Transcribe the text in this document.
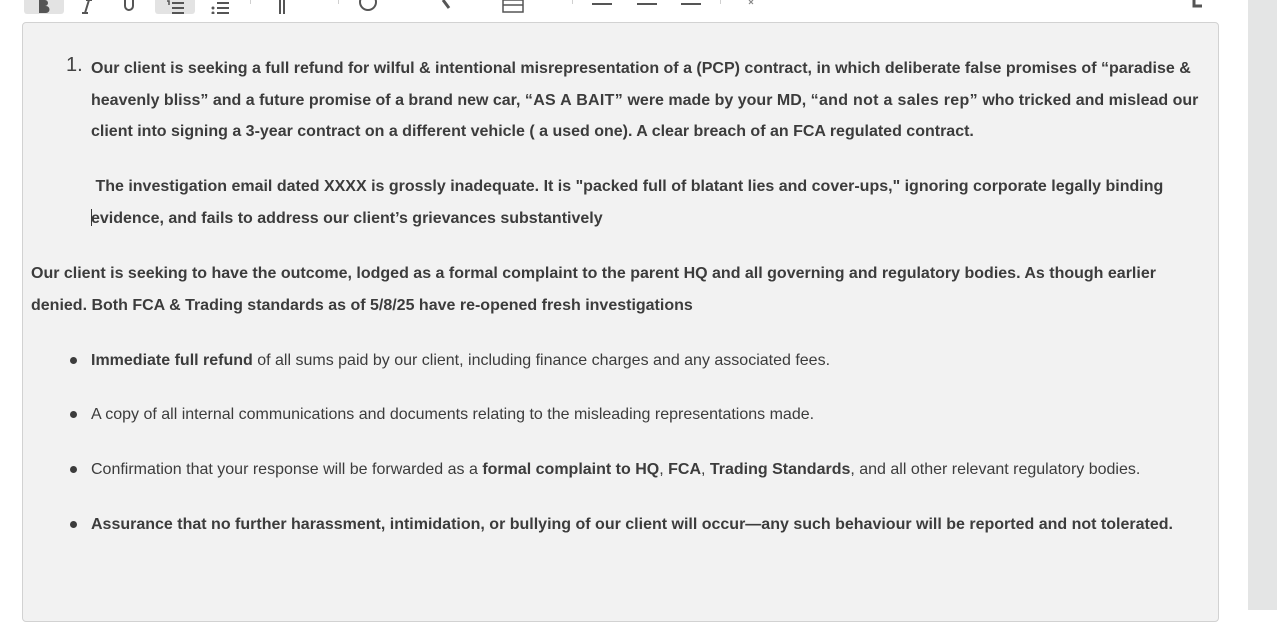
1. Our client is seeking a full refund for wilful & intentional misrepresentation of a (PCP) contract, in which deliberate false promises of “paradise & heavenly bliss” and a future promise of a brand new car, “AS A BAIT” were made by your MD, “and not a sales rep” who tricked and mislead our client into signing a 3-year contract on a different vehicle ( a used one). A clear breach of an FCA regulated contract.
The investigation email dated XXXX is grossly inadequate. It is "packed full of blatant lies and cover-ups," ignoring corporate legally binding
evidence, and fails to address our client’s grievances substantively
Our client is seeking to have the outcome, lodged as a formal complaint to the parent HQ and all governing and regulatory bodies. As though earlier denied. Both FCA & Trading standards as of 5/8/25 have re-opened fresh investigations
Immediate full refund of all sums paid by our client, including finance charges and any associated fees.
A copy of all internal communications and documents relating to the misleading representations made.
Confirmation that your response will be forwarded as a formal complaint to HQ, FCA, Trading Standards, and all other relevant regulatory bodies.
Assurance that no further harassment, intimidation, or bullying of our client will occur—any such behaviour will be reported and not tolerated.
